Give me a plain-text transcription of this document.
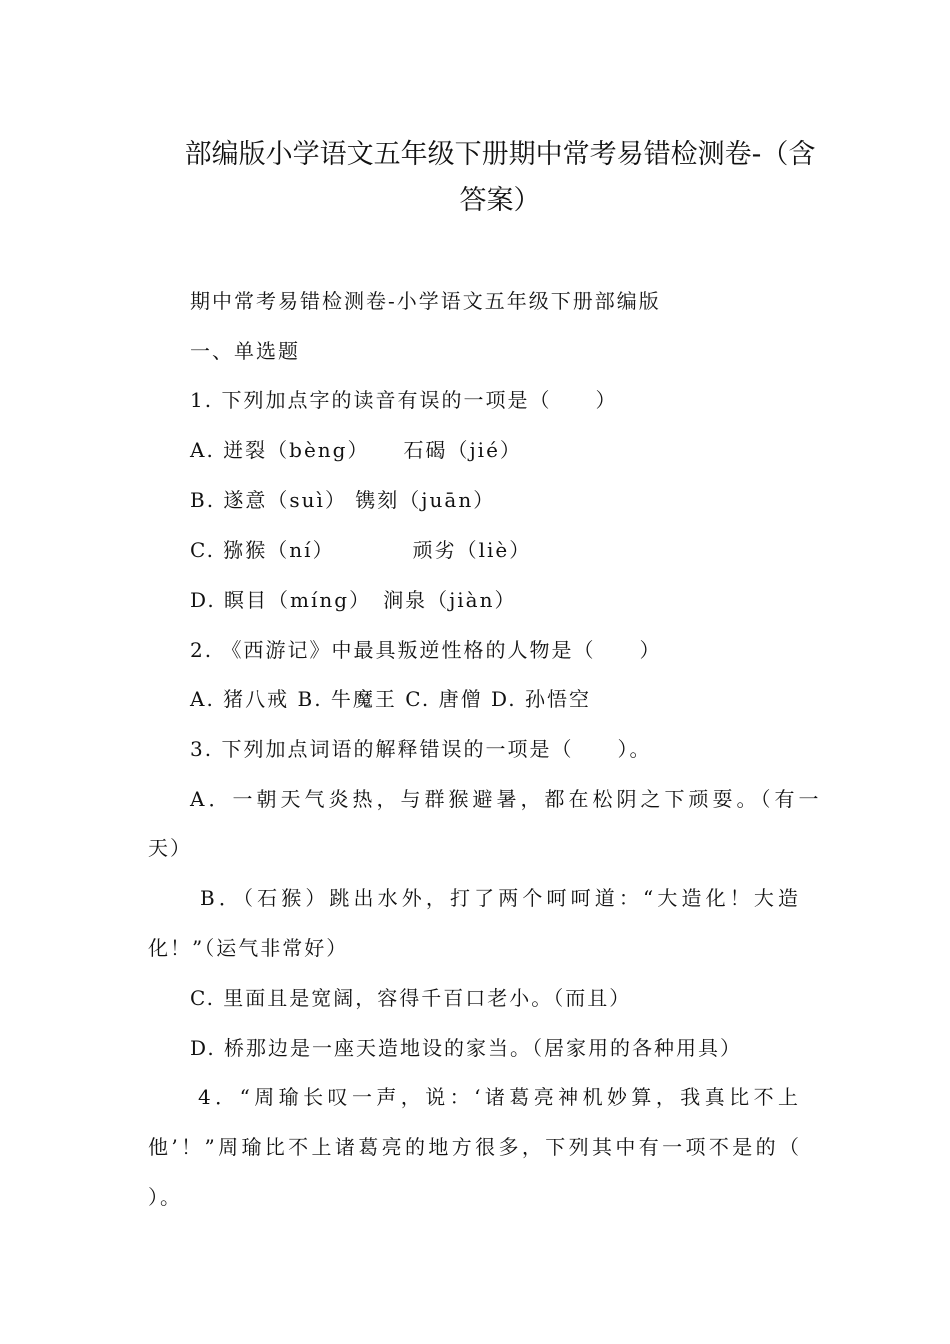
部编版小学语文五年级下册期中常考易错检测卷-（含
答案）
期中常考易错检测卷-小学语文五年级下册部编版
一、单选题
1. 下列加点字的读音有误的一项是（　　）
A. 迸裂（bèng）　　石碣（jié）
B. 遂意（suì） 镌刻（juān）
C. 猕猴（ní）　　　　顽劣（liè）
D. 瞑目（míng）　涧泉（jiàn）
2. 《西游记》中最具叛逆性格的人物是（　　）
A. 猪八戒 B. 牛魔王 C. 唐僧 D. 孙悟空
3. 下列加点词语的解释错误的一项是（　　）。
A．一朝天气炎热，与群猴避暑，都在松阴之下顽耍。（有一
天）
B．（石猴）跳出水外，打了两个呵呵道：“大造化！大造
化！”（运气非常好）
C. 里面且是宽阔，容得千百口老小。（而且）
D. 桥那边是一座天造地设的家当。（居家用的各种用具）
4．“周瑜长叹一声，说：‘诸葛亮神机妙算，我真比不上
他’！”周瑜比不上诸葛亮的地方很多，下列其中有一项不是的（
）。
